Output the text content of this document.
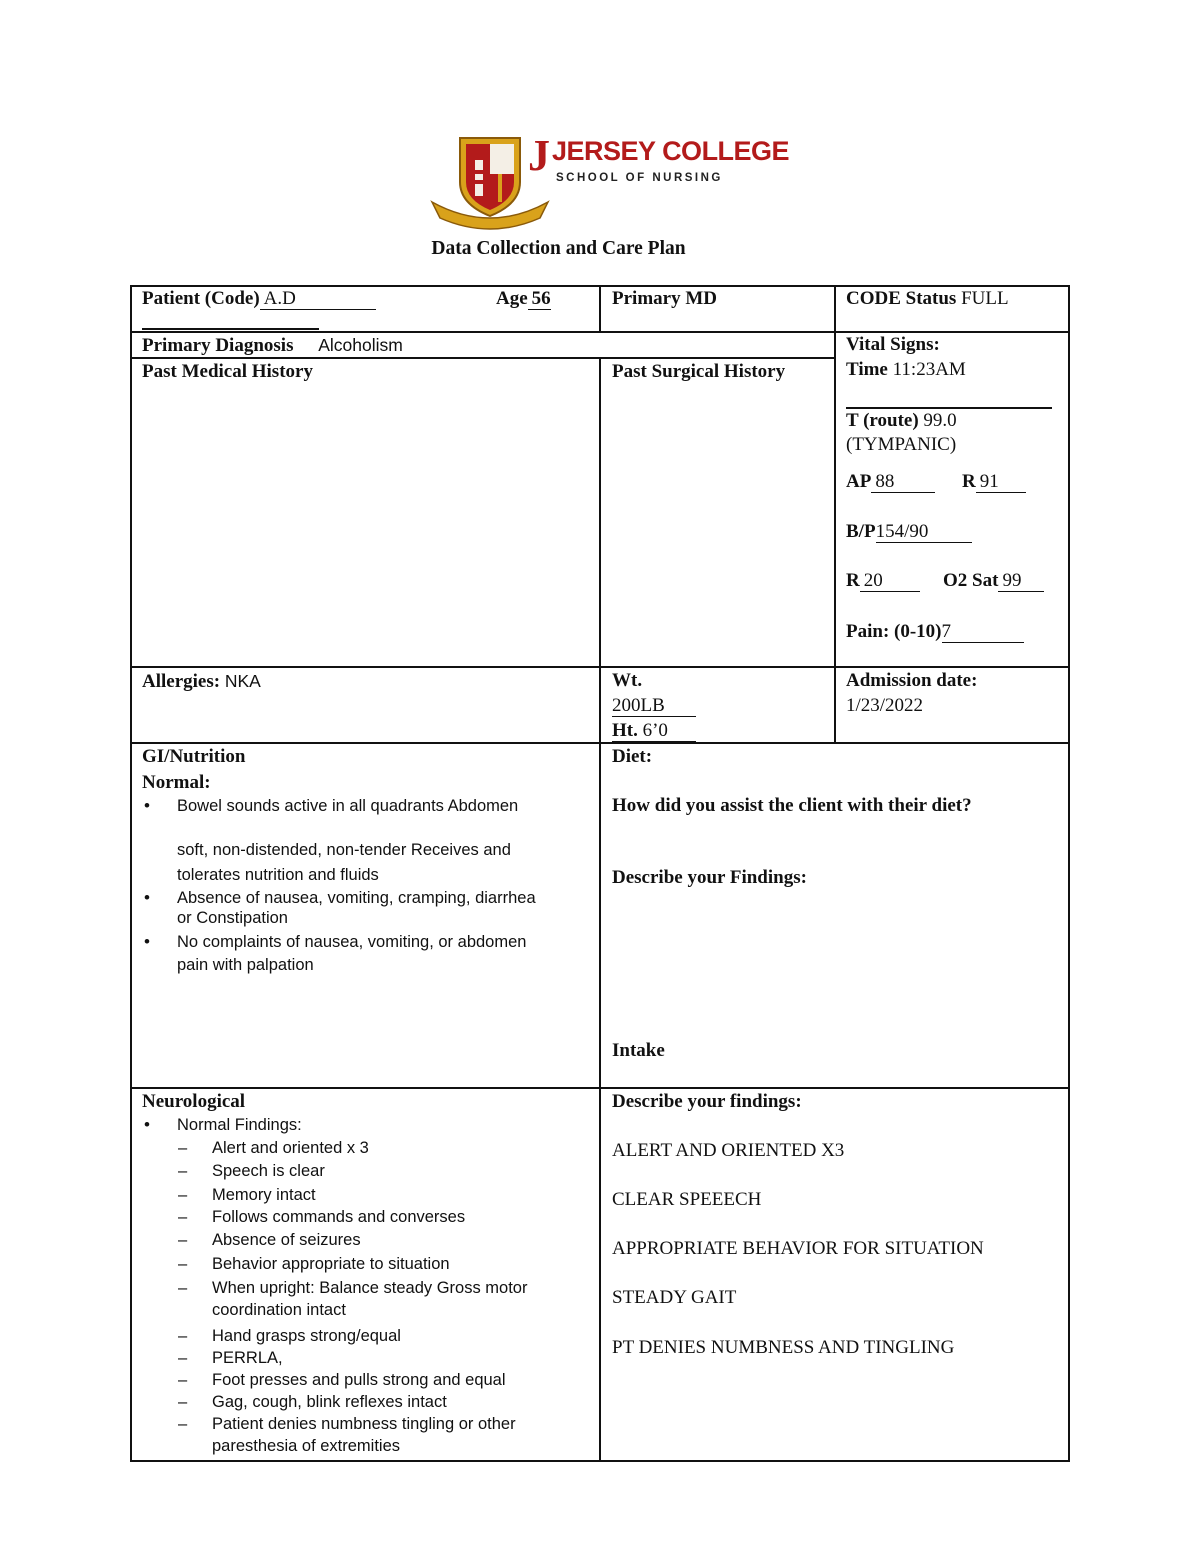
J JERSEY COLLEGE
SCHOOL OF NURSING
Data Collection and Care Plan
Patient (Code) A.D	Age 56	Primary MD	CODE Status FULL
Primary Diagnosis Alcoholism	Vital Signs:
Past Medical History	Past Surgical History	Time 11:23AM
T (route) 99.0
(TYMPANIC)
AP 88	R 91
B/P154/90
R 20	O2 Sat 99
Pain: (0-10)7
Allergies: NKA	Wt.
200LB
Ht. 6’0
Admission date:
1/23/2022
GI/Nutrition
Normal:
• Bowel sounds active in all quadrants Abdomen
soft, non-distended, non-tender Receives and
tolerates nutrition and fluids
• Absence of nausea, vomiting, cramping, diarrhea
or Constipation
• No complaints of nausea, vomiting, or abdomen
pain with palpation
Diet:
How did you assist the client with their diet?
Describe your Findings:
Intake
Neurological
• Normal Findings:
– Alert and oriented x 3
– Speech is clear
– Memory intact
– Follows commands and converses
– Absence of seizures
– Behavior appropriate to situation
– When upright: Balance steady Gross motor
coordination intact
– Hand grasps strong/equal
– PERRLA,
– Foot presses and pulls strong and equal
– Gag, cough, blink reflexes intact
– Patient denies numbness tingling or other
paresthesia of extremities
Describe your findings:
ALERT AND ORIENTED X3
CLEAR SPEEECH
APPROPRIATE BEHAVIOR FOR SITUATION
STEADY GAIT
PT DENIES NUMBNESS AND TINGLING
